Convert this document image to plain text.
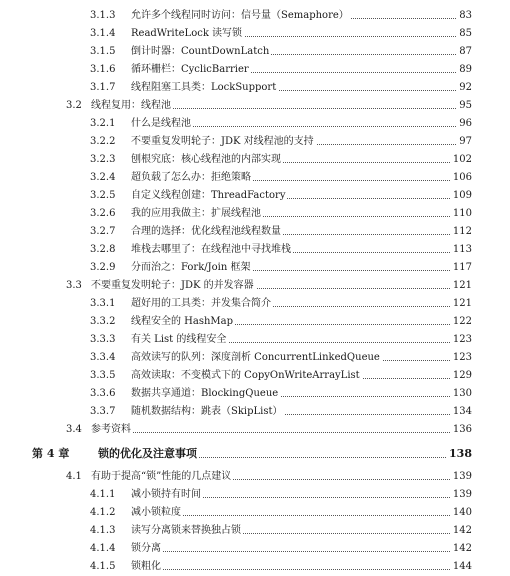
3.1.3 允许多个线程同时访问：信号量（Semaphore）	83
3.1.4 ReadWriteLock 读写锁	85
3.1.5 倒计时器：CountDownLatch	87
3.1.6 循环栅栏：CyclicBarrier	89
3.1.7 线程阻塞工具类：LockSupport	92
3.2 线程复用：线程池	95
3.2.1 什么是线程池	96
3.2.2 不要重复发明轮子：JDK 对线程池的支持	97
3.2.3 刨根究底：核心线程池的内部实现	102
3.2.4 超负载了怎么办：拒绝策略	106
3.2.5 自定义线程创建：ThreadFactory	109
3.2.6 我的应用我做主：扩展线程池	110
3.2.7 合理的选择：优化线程池线程数量	112
3.2.8 堆栈去哪里了：在线程池中寻找堆栈	113
3.2.9 分而治之：Fork/Join 框架	117
3.3 不要重复发明轮子：JDK 的并发容器	121
3.3.1 超好用的工具类：并发集合简介	121
3.3.2 线程安全的 HashMap	122
3.3.3 有关 List 的线程安全	123
3.3.4 高效读写的队列：深度剖析 ConcurrentLinkedQueue	123
3.3.5 高效读取：不变模式下的 CopyOnWriteArrayList	129
3.3.6 数据共享通道：BlockingQueue	130
3.3.7 随机数据结构：跳表（SkipList）	134
3.4 参考资料	136
第 4 章	锁的优化及注意事项	138
4.1 有助于提高“锁”性能的几点建议	139
4.1.1 减小锁持有时间	139
4.1.2 减小锁粒度	140
4.1.3 读写分离锁来替换独占锁	142
4.1.4 锁分离	142
4.1.5 锁粗化	144
